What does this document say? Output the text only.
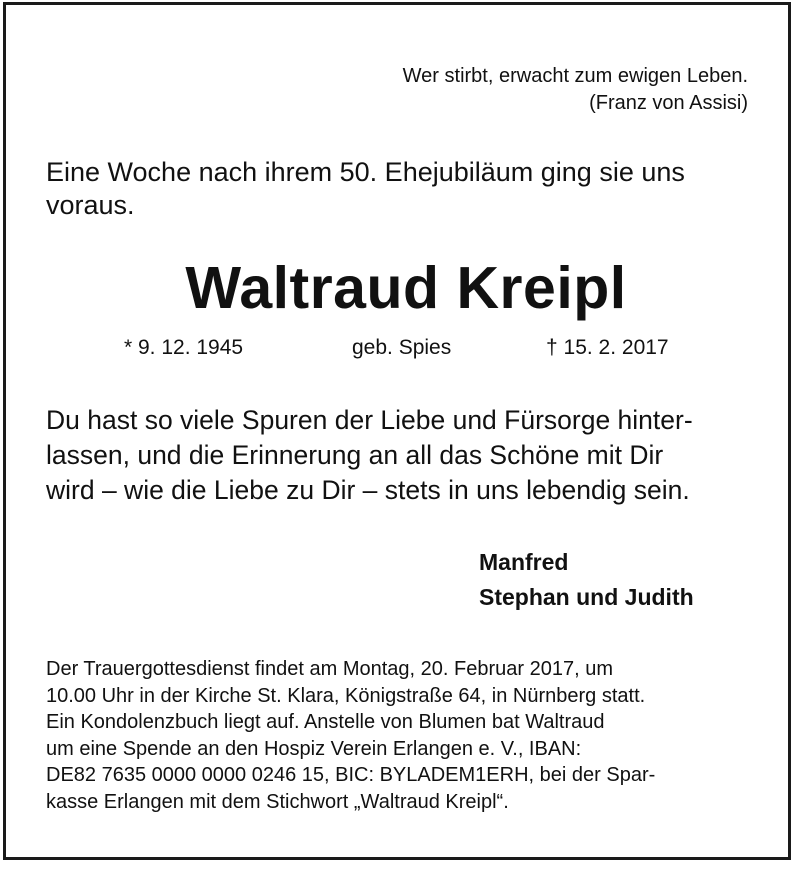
Wer stirbt, erwacht zum ewigen Leben.
(Franz von Assisi)
Eine Woche nach ihrem 50. Ehejubiläum ging sie uns
voraus.
Waltraud Kreipl
* 9. 12. 1945	geb. Spies	† 15. 2. 2017
Du hast so viele Spuren der Liebe und Fürsorge hinter-
lassen, und die Erinnerung an all das Schöne mit Dir
wird – wie die Liebe zu Dir – stets in uns lebendig sein.
Manfred
Stephan und Judith
Der Trauergottesdienst findet am Montag, 20. Februar 2017, um
10.00 Uhr in der Kirche St. Klara, Königstraße 64, in Nürnberg statt.
Ein Kondolenzbuch liegt auf. Anstelle von Blumen bat Waltraud
um eine Spende an den Hospiz Verein Erlangen e. V., IBAN:
DE82 7635 0000 0000 0246 15, BIC: BYLADEM1ERH, bei der Spar-
kasse Erlangen mit dem Stichwort „Waltraud Kreipl“.
